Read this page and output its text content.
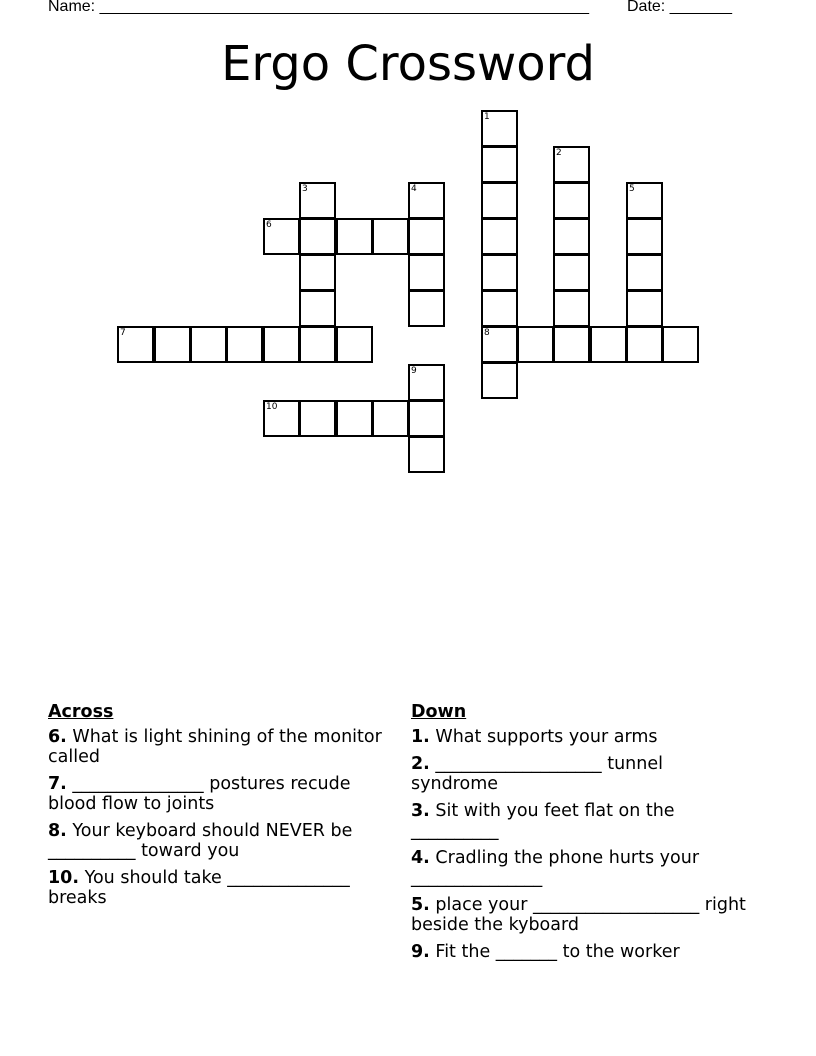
Name: _______________________________________________________ Date: _______
Ergo Crossword
1
8
2
3	4	5
6
7
9
10
Across
6. What is light shining of the monitor called
7. _______________ postures recude blood flow to joints
8. Your keyboard should NEVER be __________ toward you
10. You should take ______________ breaks
Down
1. What supports your arms
2. ___________________ tunnel syndrome
3. Sit with you feet flat on the __________
4. Cradling the phone hurts your _______________
5. place your ___________________ right beside the kyboard
9. Fit the _______ to the worker
